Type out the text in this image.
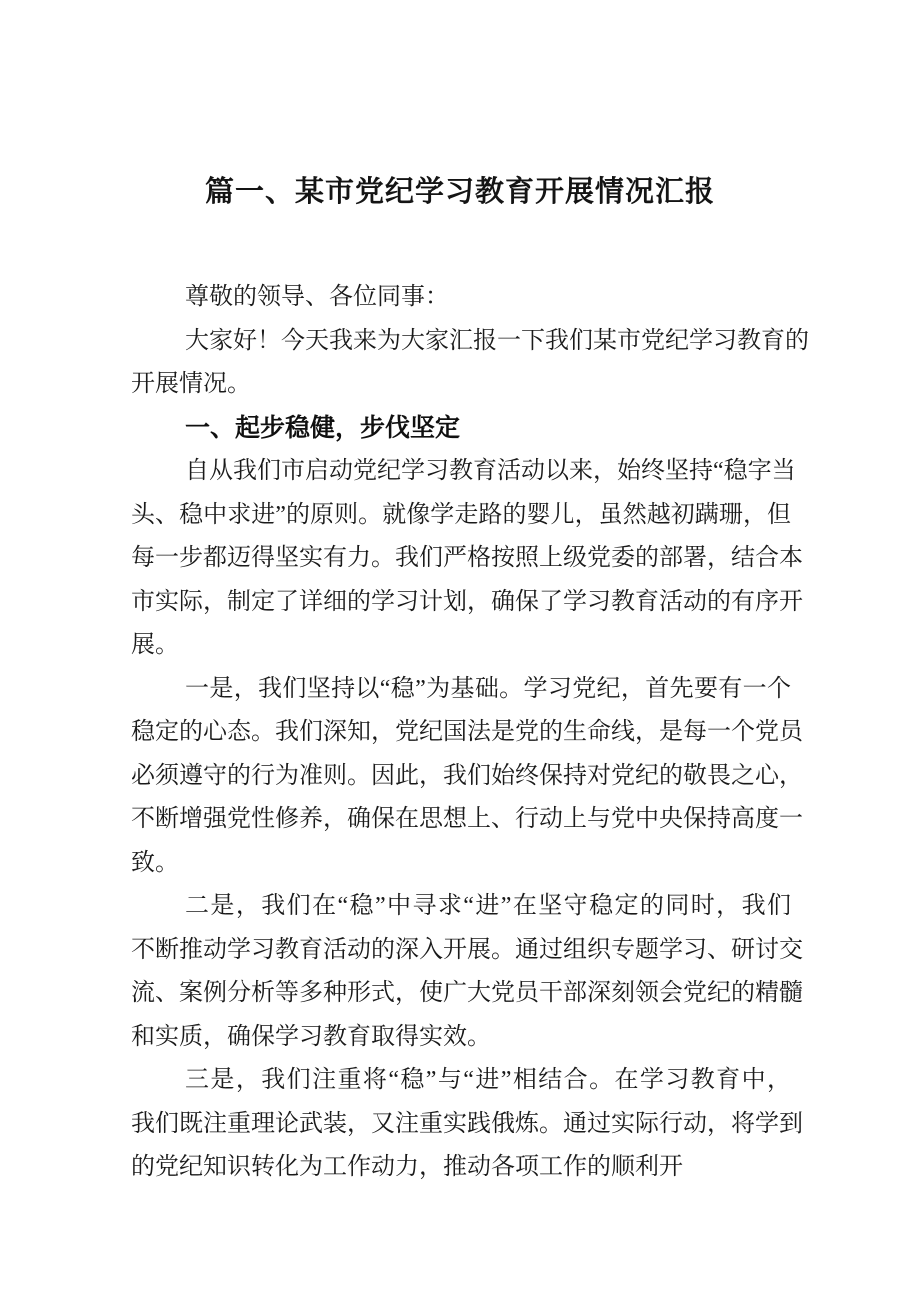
篇一、某市党纪学习教育开展情况汇报
尊敬的领导、各位同事：
大家好！今天我来为大家汇报一下我们某市党纪学习教育的
开展情况。
一、起步稳健，步伐坚定
自从我们市启动党纪学习教育活动以来，始终坚持“稳字当
头、稳中求进”的原则。就像学走路的婴儿，虽然越初蹒珊，但
每一步都迈得坚实有力。我们严格按照上级党委的部署，结合本
市实际，制定了详细的学习计划，确保了学习教育活动的有序开
展。
一是，我们坚持以“稳”为基础。学习党纪，首先要有一个
稳定的心态。我们深知，党纪国法是党的生命线，是每一个党员
必须遵守的行为准则。因此，我们始终保持对党纪的敬畏之心，
不断增强党性修养，确保在思想上、行动上与党中央保持高度一
致。
二是，我们在“稳”中寻求“进”在坚守稳定的同时，我们
不断推动学习教育活动的深入开展。通过组织专题学习、研讨交
流、案例分析等多种形式，使广大党员干部深刻领会党纪的精髓
和实质，确保学习教育取得实效。
三是，我们注重将“稳”与“进”相结合。在学习教育中，
我们既注重理论武装，又注重实践俄炼。通过实际行动，将学到
的党纪知识转化为工作动力，推动各项工作的顺利开
